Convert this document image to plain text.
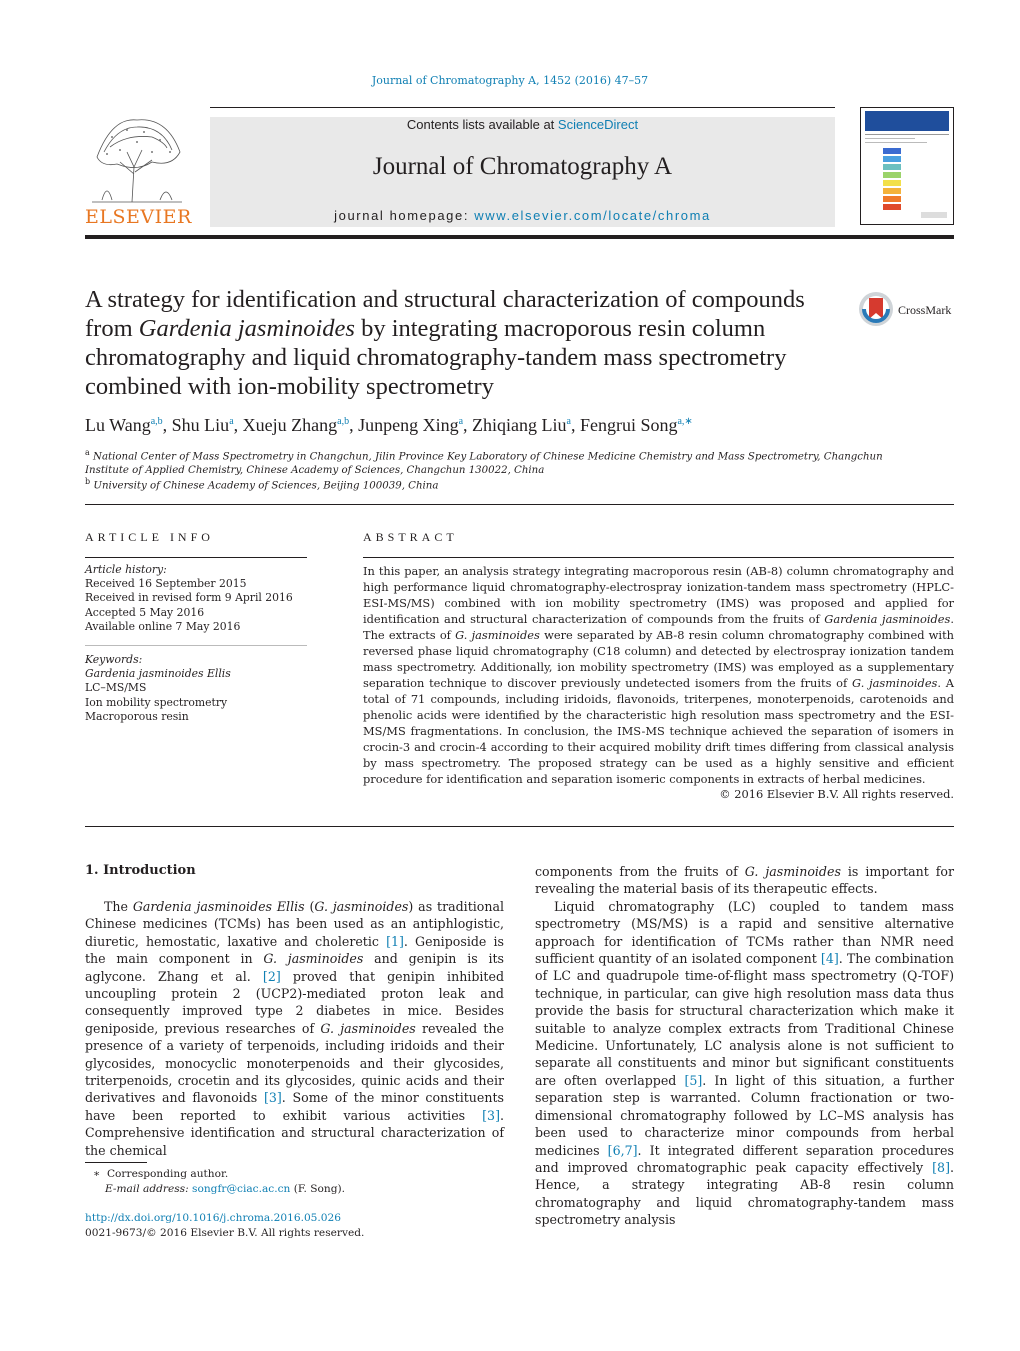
Journal of Chromatography A, 1452 (2016) 47–57
ELSEVIER
Contents lists available at ScienceDirect
Journal of Chromatography A
journal homepage: www.elsevier.com/locate/chroma
A strategy for identification and structural characterization of compounds from Gardenia jasminoides by integrating macroporous resin column chromatography and liquid chromatography-tandem mass spectrometry combined with ion-mobility spectrometry
CrossMark
Lu Wang$^{a,b}$, Shu Liu$^a$, Xueju Zhang$^{a,b}$, Junpeng Xing$^a$, Zhiqiang Liu$^a$, Fengrui Song$^{a,∗}$
$^a$ National Center of Mass Spectrometry in Changchun, Jilin Province Key Laboratory of Chinese Medicine Chemistry and Mass Spectrometry, Changchun
Institute of Applied Chemistry, Chinese Academy of Sciences, Changchun 130022, China
$^b$ University of Chinese Academy of Sciences, Beijing 100039, China
ARTICLE INFO
Article history:
Received 16 September 2015
Received in revised form 9 April 2016
Accepted 5 May 2016
Available online 7 May 2016
Keywords:
Gardenia jasminoides Ellis
LC–MS/MS
Ion mobility spectrometry
Macroporous resin
ABSTRACT
In this paper, an analysis strategy integrating macroporous resin (AB-8) column chromatography and high performance liquid chromatography-electrospray ionization-tandem mass spectrometry (HPLC-ESI-MS/MS) combined with ion mobility spectrometry (IMS) was proposed and applied for identification and structural characterization of compounds from the fruits of Gardenia jasminoides. The extracts of G. jasminoides were separated by AB-8 resin column chromatography combined with reversed phase liquid chromatography (C18 column) and detected by electrospray ionization tandem mass spectrometry. Additionally, ion mobility spectrometry (IMS) was employed as a supplementary separation technique to discover previously undetected isomers from the fruits of G. jasminoides. A total of 71 compounds, including iridoids, flavonoids, triterpenes, monoterpenoids, carotenoids and phenolic acids were identified by the characteristic high resolution mass spectrometry and the ESI-MS/MS fragmentations. In conclusion, the IMS-MS technique achieved the separation of isomers in crocin-3 and crocin-4 according to their acquired mobility drift times differing from classical analysis by mass spectrometry. The proposed strategy can be used as a highly sensitive and efficient procedure for identification and separation isomeric components in extracts of herbal medicines.
© 2016 Elsevier B.V. All rights reserved.
1. Introduction

The Gardenia jasminoides Ellis (G. jasminoides) as traditional Chinese medicines (TCMs) has been used as an antiphlogistic, diuretic, hemostatic, laxative and choleretic [1]. Geniposide is the main component in G. jasminoides and genipin is its aglycone. Zhang et al. [2] proved that genipin inhibited uncoupling protein 2 (UCP2)-mediated proton leak and consequently improved type 2 diabetes in mice. Besides geniposide, previous researches of G. jasminoides revealed the presence of a variety of terpenoids, including iridoids and their glycosides, monocyclic monoterpenoids and their glycosides, triterpenoids, crocetin and its glycosides, quinic acids and their derivatives and flavonoids [3]. Some of the minor constituents have been reported to exhibit various activities [3]. Comprehensive identification and structural characterization of the chemical

components from the fruits of G. jasminoides is important for revealing the material basis of its therapeutic effects.

Liquid chromatography (LC) coupled to tandem mass spectrometry (MS/MS) is a rapid and sensitive alternative approach for identification of TCMs rather than NMR need sufficient quantity of an isolated component [4]. The combination of LC and quadrupole time-of-flight mass spectrometry (Q-TOF) technique, in particular, can give high resolution mass data thus provide the basis for structural characterization which make it suitable to analyze complex extracts from Traditional Chinese Medicine. Unfortunately, LC analysis alone is not sufficient to separate all constituents and minor but significant constituents are often overlapped [5]. In light of this situation, a further separation step is warranted. Column fractionation or two-dimensional chromatography followed by LC–MS analysis has been used to characterize minor compounds from herbal medicines [6,7]. It integrated different separation procedures and improved chromatographic peak capacity effectively [8]. Hence, a strategy integrating AB-8 resin column chromatography and liquid chromatography-tandem mass spectrometry analysis

∗ Corresponding author.
E-mail address: songfr@ciac.ac.cn (F. Song).
http://dx.doi.org/10.1016/j.chroma.2016.05.026
0021-9673/© 2016 Elsevier B.V. All rights reserved.
